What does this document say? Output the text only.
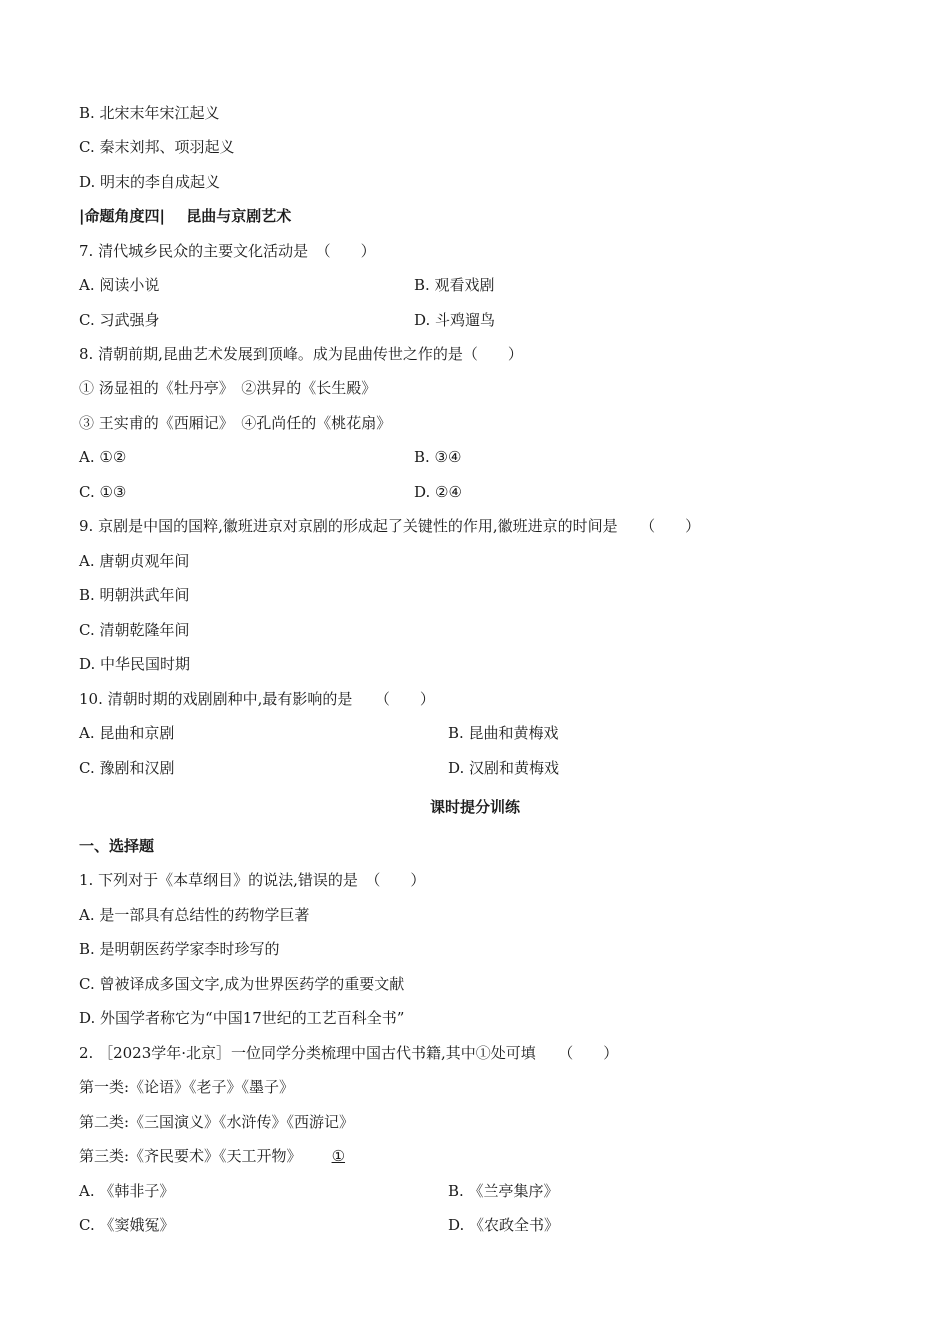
B. 北宋末年宋江起义
C. 秦末刘邦、项羽起义
D. 明末的李自成起义
|命题角度四| 昆曲与京剧艺术
7. 清代城乡民众的主要文化活动是　（　　）
A. 阅读小说	B. 观看戏剧
C. 习武强身	D. 斗鸡遛鸟
8. 清朝前期,昆曲艺术发展到顶峰。成为昆曲传世之作的是（　　）
① 汤显祖的《牡丹亭》　②洪昇的《长生殿》
③ 王实甫的《西厢记》　④孔尚任的《桃花扇》
A. ①②	B. ③④
C. ①③	D. ②④
9. 京剧是中国的国粹,徽班进京对京剧的形成起了关键性的作用,徽班进京的时间是　　（　　）
A. 唐朝贞观年间
B. 明朝洪武年间
C. 清朝乾隆年间
D. 中华民国时期
10. 清朝时期的戏剧剧种中,最有影响的是　　（　　）
A. 昆曲和京剧	B. 昆曲和黄梅戏
C. 豫剧和汉剧	D. 汉剧和黄梅戏
课时提分训练
一、选择题
1. 下列对于《本草纲目》的说法,错误的是　（　　）
A. 是一部具有总结性的药物学巨著
B. 是明朝医药学家李时珍写的
C. 曾被译成多国文字,成为世界医药学的重要文献
D. 外国学者称它为“中国17世纪的工艺百科全书”
2. ［2023学年·北京］一位同学分类梳理中国古代书籍,其中①处可填　　（　　）
第一类:《论语》《老子》《墨子》
第二类:《三国演义》《水浒传》《西游记》
第三类:《齐民要术》《天工开物》 ①
A. 《韩非子》	B. 《兰亭集序》
C. 《窦娥冤》	D. 《农政全书》
